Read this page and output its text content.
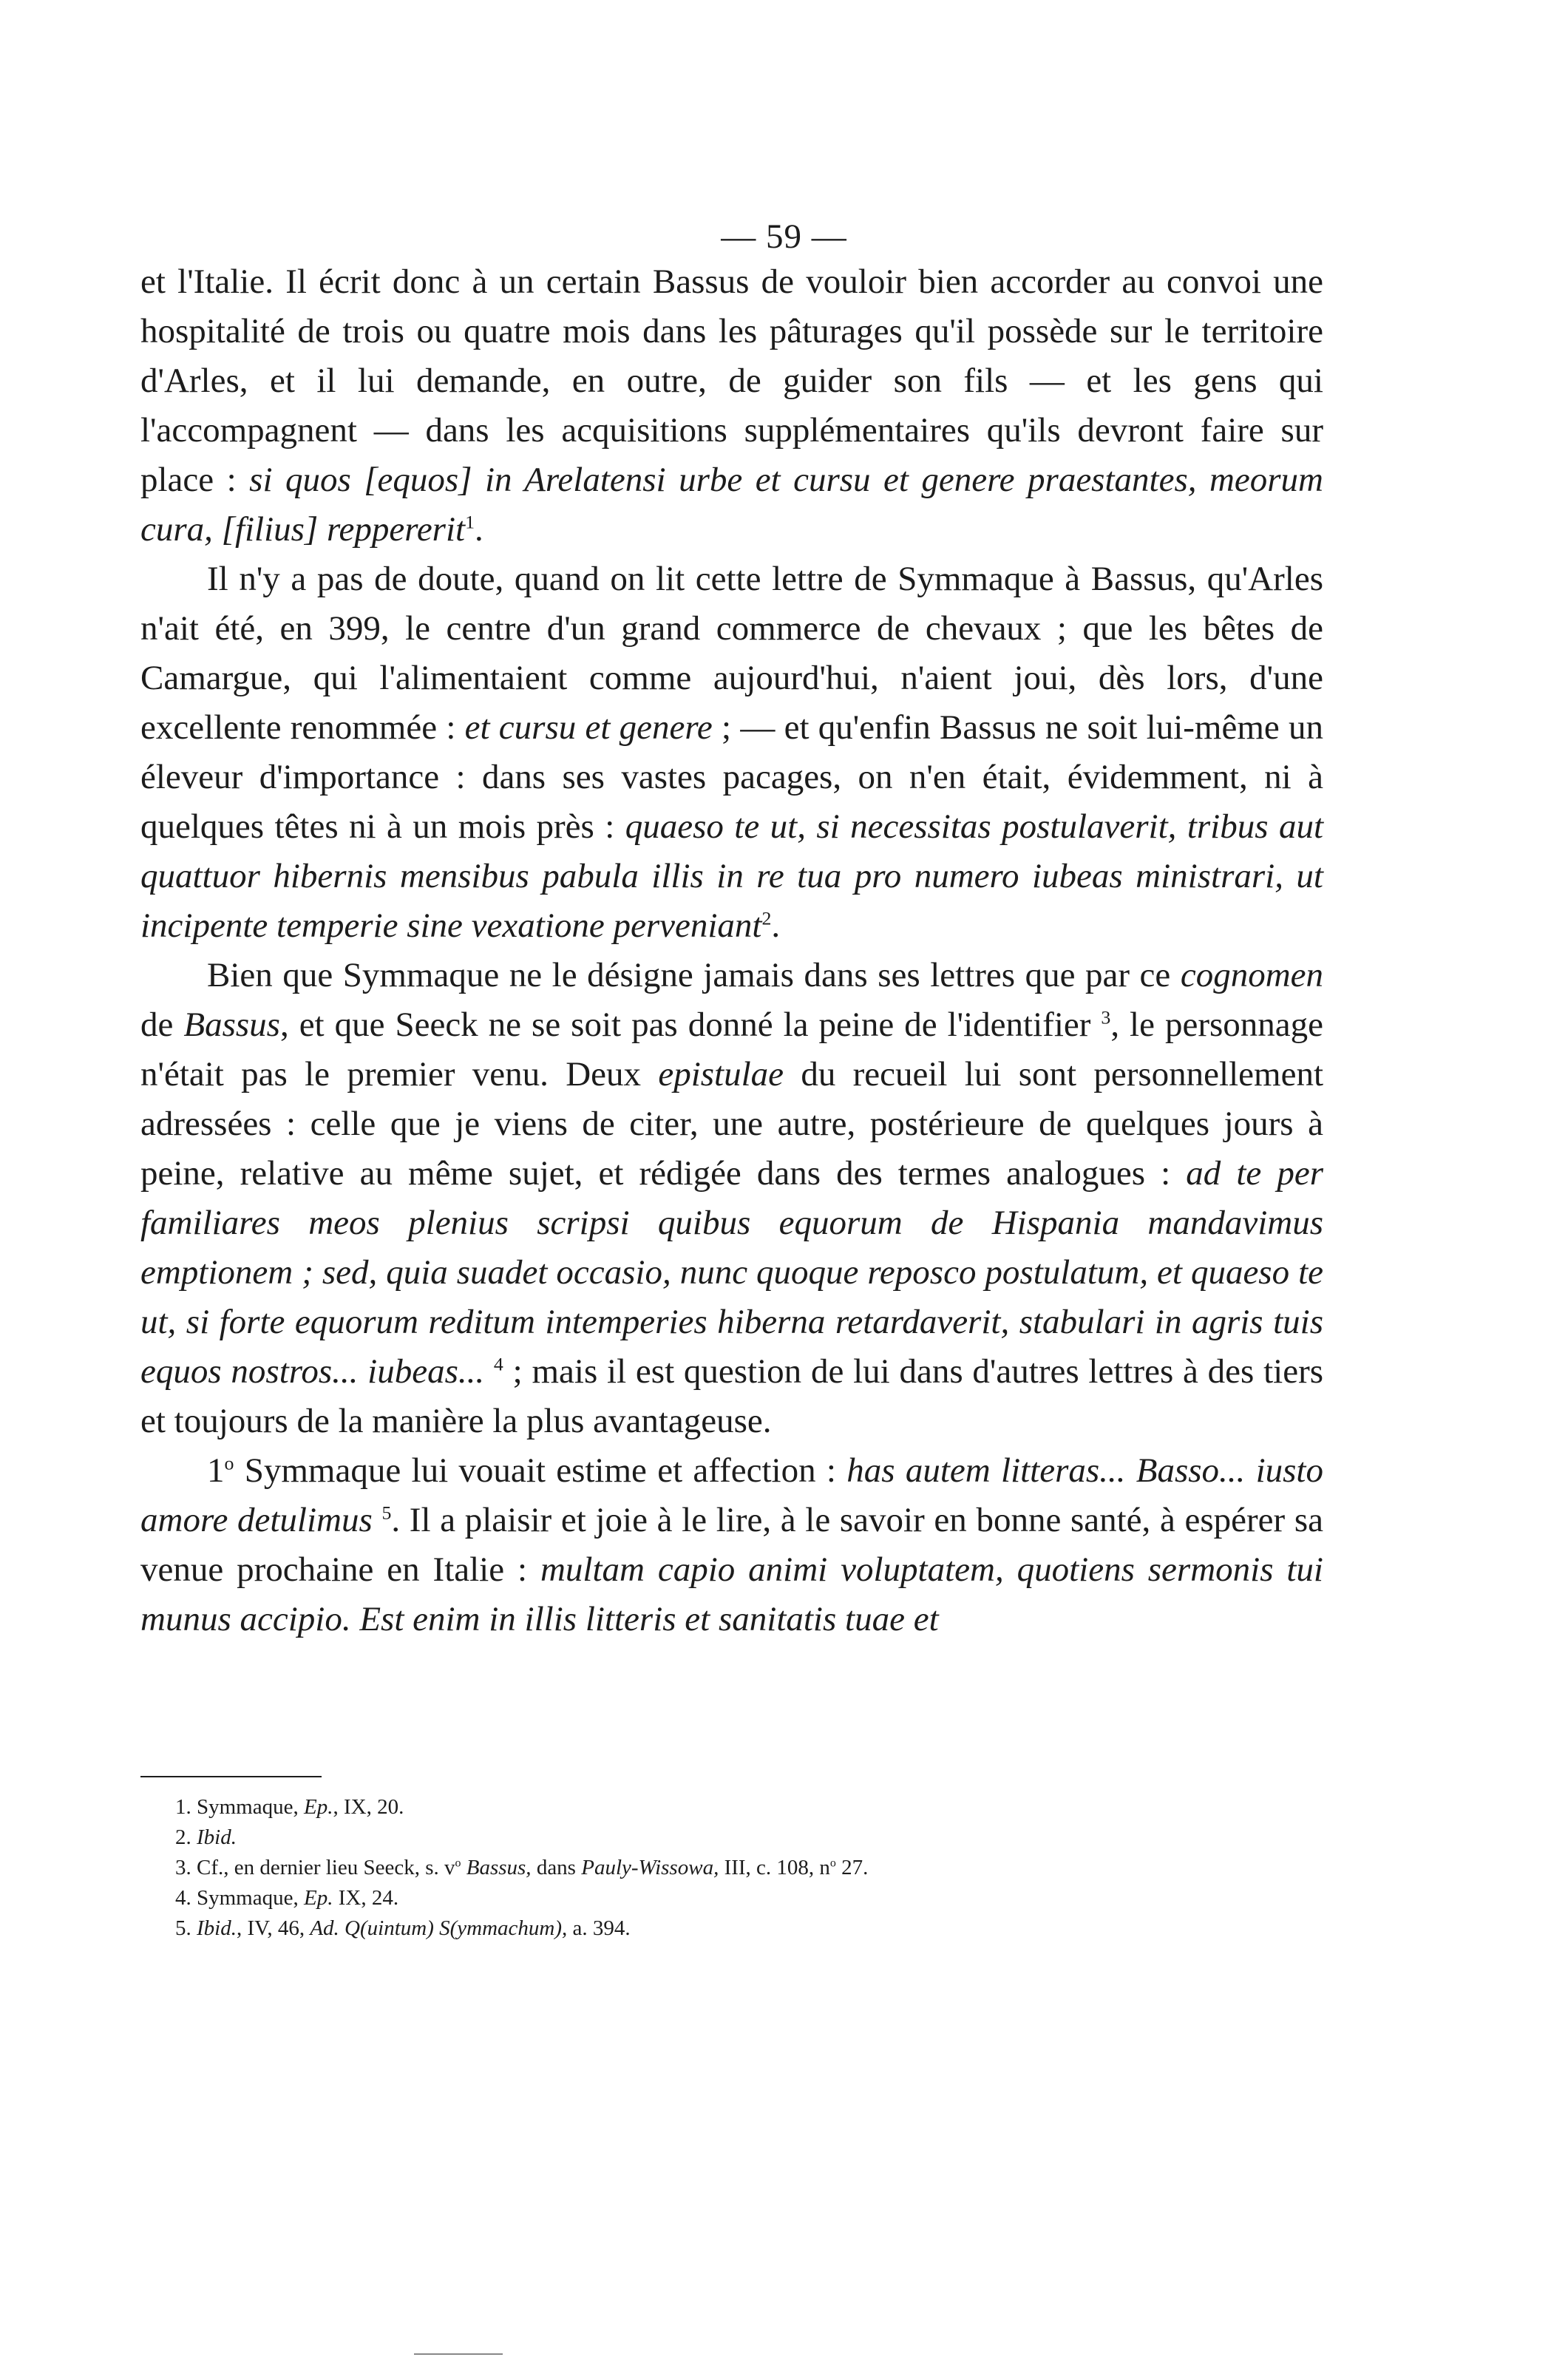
— 59 —

et l'Italie. Il écrit donc à un certain Bassus de vouloir bien accorder au convoi une hospitalité de trois ou quatre mois dans les pâturages qu'il possède sur le territoire d'Arles, et il lui demande, en outre, de guider son fils — et les gens qui l'accompagnent — dans les acquisitions supplémentaires qu'ils devront faire sur place : si quos [equos] in Arelatensi urbe et cursu et genere praestantes, meorum cura, [filius] reppererit$^1$.

Il n'y a pas de doute, quand on lit cette lettre de Symmaque à Bassus, qu'Arles n'ait été, en 399, le centre d'un grand commerce de chevaux ; que les bêtes de Camargue, qui l'alimentaient comme aujourd'hui, n'aient joui, dès lors, d'une excellente renommée : et cursu et genere ; — et qu'enfin Bassus ne soit lui-même un éleveur d'importance : dans ses vastes pacages, on n'en était, évidemment, ni à quelques têtes ni à un mois près : quaeso te ut, si necessitas postulaverit, tribus aut quattuor hibernis mensibus pabula illis in re tua pro numero iubeas ministrari, ut incipente temperie sine vexatione perveniant$^2$.

Bien que Symmaque ne le désigne jamais dans ses lettres que par ce cognomen de Bassus, et que Seeck ne se soit pas donné la peine de l'identifier $^3$, le personnage n'était pas le premier venu. Deux epistulae du recueil lui sont personnellement adressées : celle que je viens de citer, une autre, postérieure de quelques jours à peine, relative au même sujet, et rédigée dans des termes analogues : ad te per familiares meos plenius scripsi quibus equorum de Hispania mandavimus emptionem ; sed, quia suadet occasio, nunc quoque reposco postulatum, et quaeso te ut, si forte equorum reditum intemperies hiberna retardaverit, stabulari in agris tuis equos nostros... iubeas... $^4$ ; mais il est question de lui dans d'autres lettres à des tiers et toujours de la manière la plus avantageuse.

1$^o$ Symmaque lui vouait estime et affection : has autem litteras... Basso... iusto amore detulimus $^5$. Il a plaisir et joie à le lire, à le savoir en bonne santé, à espérer sa venue prochaine en Italie : multam capio animi voluptatem, quotiens sermonis tui munus accipio. Est enim in illis litteris et sanitatis tuae et

1. Symmaque, Ep., IX, 20.
2. Ibid.
3. Cf., en dernier lieu Seeck, s. $v^o$ Bassus, dans Pauly-Wissowa, III, c. 108, $n^o$ 27.
4. Symmaque, Ep. IX, 24.
5. Ibid., IV, 46, Ad. Q(uintum) S(ymmachum), a. 394.
